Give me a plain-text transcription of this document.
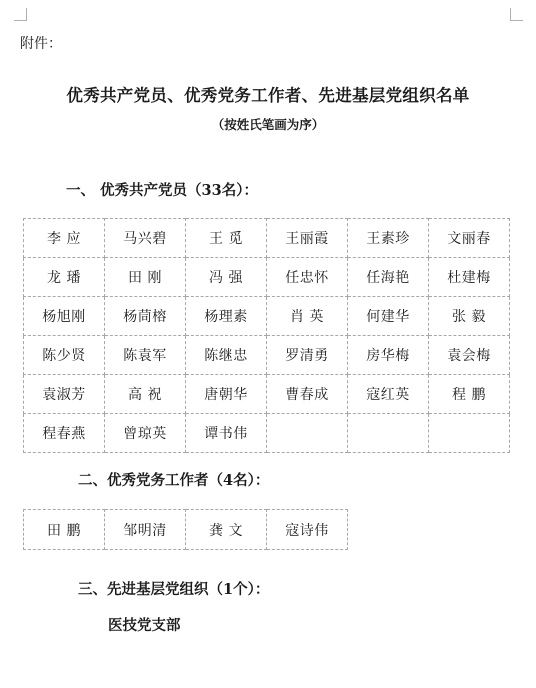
附件：
优秀共产党员、优秀党务工作者、先进基层党组织名单
（按姓氏笔画为序）
一、 优秀共产党员（33名）：
李 应	马兴碧	王 觅	王丽霞	王素珍	文丽春
龙 璠	田 刚	冯 强	任忠怀	任海艳	杜建梅
杨旭刚	杨茼榕	杨理素	肖 英	何建华	张 毅
陈少贤	陈袁军	陈继忠	罗清勇	房华梅	袁会梅
袁淑芳	高 祝	唐朝华	曹春成	寇红英	程 鹏
程春燕	曾琼英	谭书伟			
二、优秀党务工作者（4名）：
田 鹏	邹明清	龚 文	寇诗伟
三、先进基层党组织（1个）：
医技党支部
